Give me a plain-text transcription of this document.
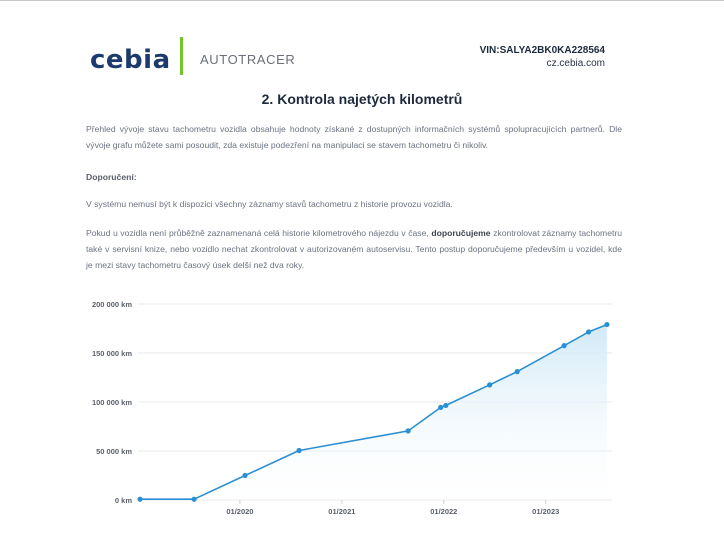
cebia AUTOTRACER
VIN:SALYA2BK0KA228564
cz.cebia.com
2. Kontrola najetých kilometrů

Přehled vývoje stavu tachometru vozidla obsahuje hodnoty získané z dostupných informačních systémů spolupracujících partnerů. Dle vývoje grafu můžete sami posoudit, zda existuje podezření na manipulaci se stavem tachometru či nikoliv.

Doporučení:

V systému nemusí být k dispozici všechny záznamy stavů tachometru z historie provozu vozidla.

Pokud u vozidla není průběžně zaznamenaná celá historie kilometrového nájezdu v čase, doporučujeme zkontrolovat záznamy tachometru také v servisní knize, nebo vozidlo nechat zkontrolovat v autorizovaném autoservisu. Tento postup doporučujeme především u vozidel, kde je mezi stavy tachometru časový úsek delší než dva roky.

0 km
50 000 km
100 000 km
150 000 km
200 000 km
01/2020	01/2021	01/2022	01/2023
